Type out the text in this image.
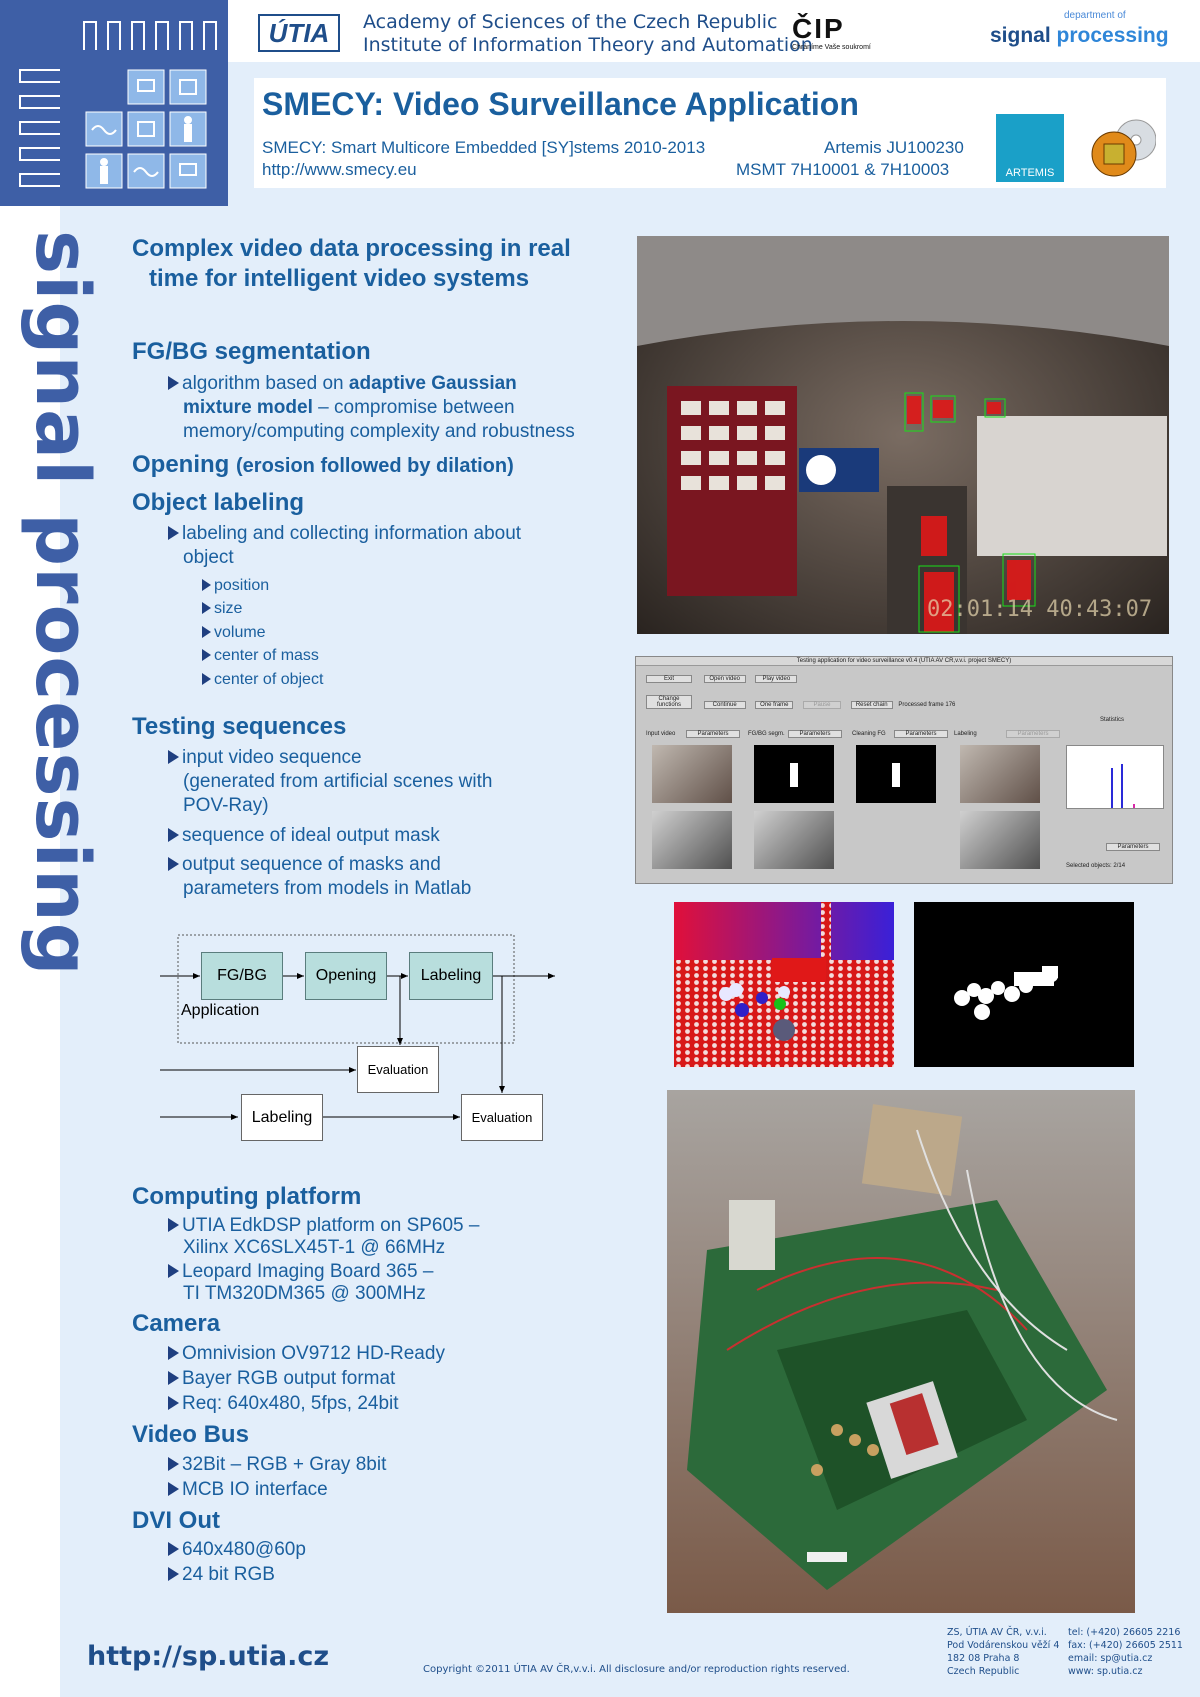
signal processing
ÚTIA Academy of Sciences of the Czech Republic
Institute of Information Theory and Automation
ČIP
Chráníme Vaše soukromí
department of
signal processing
SMECY: Video Surveillance Application
SMECY: Smart Multicore Embedded [SY]stems 2010-2013	Artemis JU100230
http://www.smecy.eu	MSMT 7H10001 & 7H10003	ARTEMIS
Complex video data processing in real
time for intelligent video systems
FG/BG segmentation
algorithm based on adaptive Gaussian
mixture model – compromise between
memory/computing complexity and robustness
Opening (erosion followed by dilation)
Object labeling
labeling and collecting information about
object
position
size
volume
center of mass
center of object
Testing sequences
input video sequence
(generated from artificial scenes with
POV-Ray)
sequence of ideal output mask
output sequence of masks and
parameters from models in Matlab
FG/BG	Opening	Labeling
Application
Evaluation
Labeling	Evaluation
Computing platform
UTIA EdkDSP platform on SP605 –
Xilinx XC6SLX45T-1 @ 66MHz
Leopard Imaging Board 365 –
TI TM320DM365 @ 300MHz
Camera
Omnivision OV9712 HD-Ready
Bayer RGB output format
Req: 640x480, 5fps, 24bit
Video Bus
32Bit – RGB + Gray 8bit
MCB IO interface
DVI Out
640x480@60p
24 bit RGB
02:01:14 40:43:07
Testing application for video surveillance v0.4 (ÚTIA AV ČR,v.v.i. project SMECY)
Exit	Open video	Play video
Change functions	Continue	One frame	Pause	Reset chain Processed frame 176
Statistics
Input video	FG/BG segm.	Cleaning FG	Labeling
Parameters	Parameters	Parameters	Parameters
Parameters
Selected objects: 2/14
http://sp.utia.cz	Copyright ©2011 ÚTIA AV ČR,v.v.i. All disclosure and/or reproduction rights reserved.
ZS, ÚTIA AV ČR, v.v.i.
Pod Vodárenskou věží 4
182 08 Praha 8
Czech Republic
tel: (+420) 26605 2216
fax: (+420) 26605 2511
email: sp@utia.cz
www: sp.utia.cz
